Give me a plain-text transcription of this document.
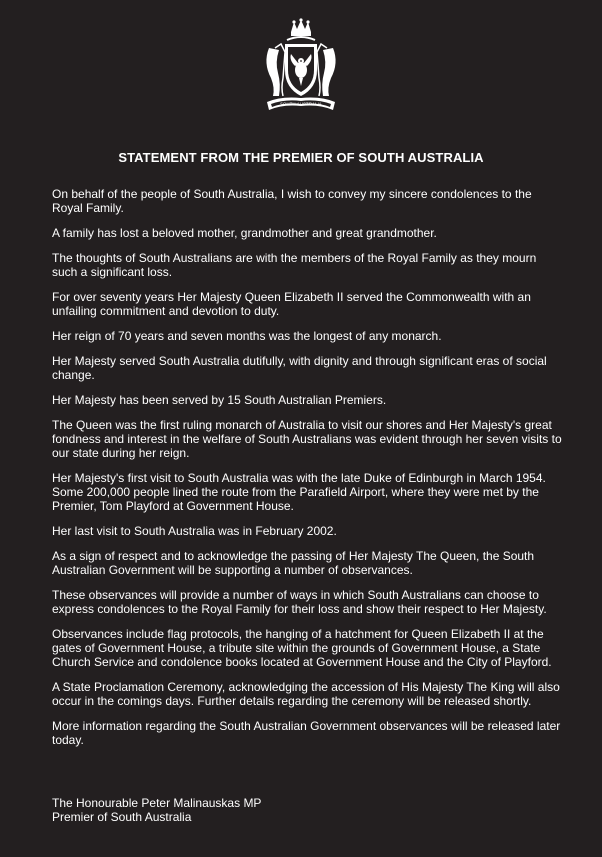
SOUTH AUSTRALIA
STATEMENT FROM THE PREMIER OF SOUTH AUSTRALIA

On behalf of the people of South Australia, I wish to convey my sincere condolences to the Royal Family.

A family has lost a beloved mother, grandmother and great grandmother.

The thoughts of South Australians are with the members of the Royal Family as they mourn such a significant loss.

For over seventy years Her Majesty Queen Elizabeth II served the Commonwealth with an unfailing commitment and devotion to duty.

Her reign of 70 years and seven months was the longest of any monarch.

Her Majesty served South Australia dutifully, with dignity and through significant eras of social change.

Her Majesty has been served by 15 South Australian Premiers.

The Queen was the first ruling monarch of Australia to visit our shores and Her Majesty's great fondness and interest in the welfare of South Australians was evident through her seven visits to our state during her reign.

Her Majesty's first visit to South Australia was with the late Duke of Edinburgh in March 1954. Some 200,000 people lined the route from the Parafield Airport, where they were met by the Premier, Tom Playford at Government House.

Her last visit to South Australia was in February 2002.

As a sign of respect and to acknowledge the passing of Her Majesty The Queen, the South Australian Government will be supporting a number of observances.

These observances will provide a number of ways in which South Australians can choose to express condolences to the Royal Family for their loss and show their respect to Her Majesty.

Observances include flag protocols, the hanging of a hatchment for Queen Elizabeth II at the gates of Government House, a tribute site within the grounds of Government House, a State Church Service and condolence books located at Government House and the City of Playford.

A State Proclamation Ceremony, acknowledging the accession of His Majesty The King will also occur in the comings days. Further details regarding the ceremony will be released shortly.

More information regarding the South Australian Government observances will be released later today.

The Honourable Peter Malinauskas MP
Premier of South Australia
